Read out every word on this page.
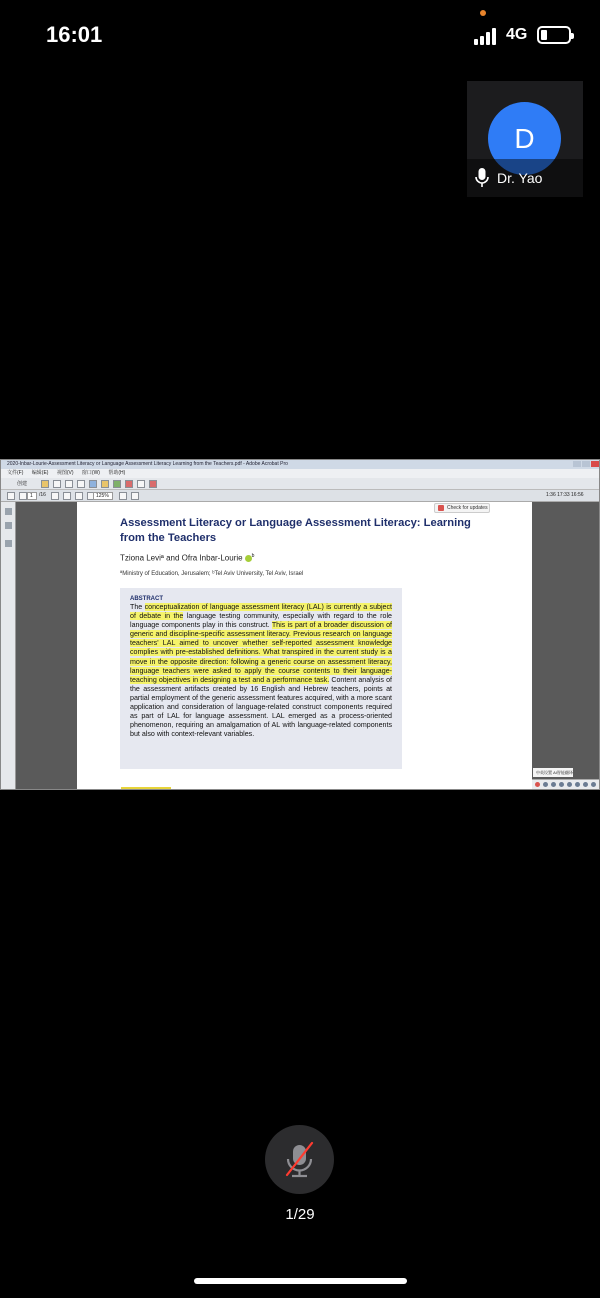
16:01	4G
D
Dr. Yao
2020-Inbar-Lourie-Assessment Literacy or Language Assessment Literacy Learning from the Teachers.pdf - Adobe Acrobat Pro
文件(F) 编辑(E) 视图(V) 窗口(W) 帮助(H)
创建
1	/16	125%	1:36 17:33 16:56
Check for updates
Assessment Literacy or Language Assessment Literacy: Learning from the Teachers
Tziona Leviª and Ofra Inbar-Lourie $^b$
ªMinistry of Education, Jerusalem; ᵇTel Aviv University, Tel Aviv, Israel
ABSTRACT
The conceptualization of language assessment literacy (LAL) is currently a subject of debate in the language testing community, especially with regard to the role language components play in this construct. This is part of a broader discussion of generic and discipline-specific assessment literacy. Previous research on language teachers' LAL aimed to uncover whether self-reported assessment knowledge complies with pre-established definitions. What transpired in the current study is a move in the opposite direction: following a generic course on assessment literacy, language teachers were asked to apply the course contents to their language-teaching objectives in designing a test and a performance task. Content analysis of the assessment artifacts created by 16 English and Hebrew teachers, points at partial employment of the generic assessment features acquired, with a more scant application and consideration of language-related construct components required as part of LAL for language assessment. LAL emerged as a process-oriented phenomenon, requiring an amalgamation of AL with language-related components but also with context-relevant variables.
中英设置 AI智能翻译
1/29
